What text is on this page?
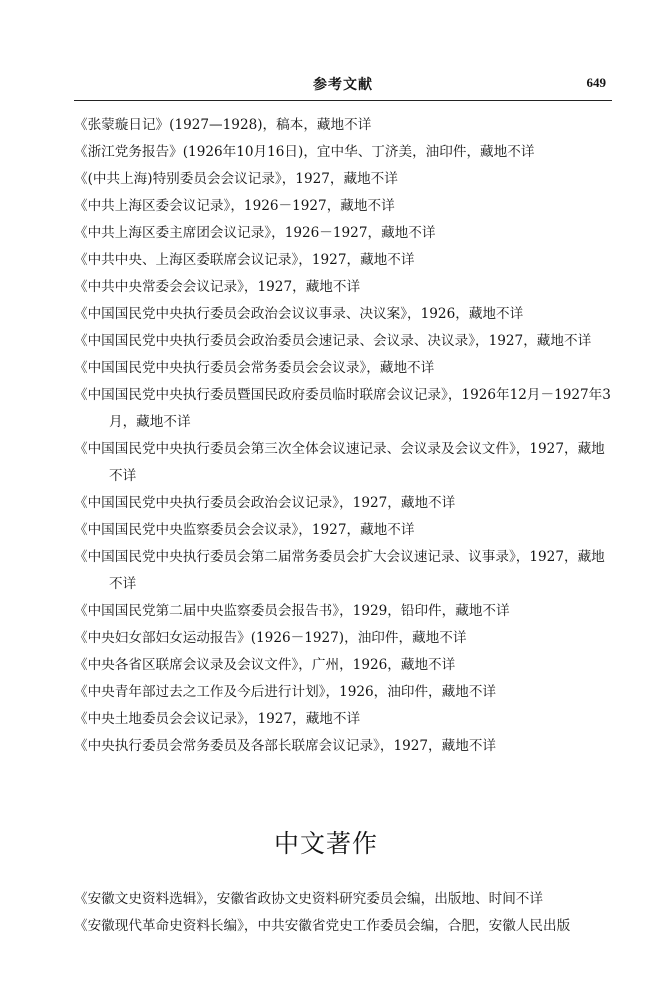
参考文献	649
《张蒙璇日记》(1927—1928)，稿本，藏地不详
《浙江党务报告》(1926年10月16日)，宜中华、丁济美，油印件，藏地不详
《(中共上海)特别委员会会议记录》，1927，藏地不详
《中共上海区委会议记录》，1926－1927，藏地不详
《中共上海区委主席团会议记录》，1926－1927，藏地不详
《中共中央、上海区委联席会议记录》，1927，藏地不详
《中共中央常委会会议记录》，1927，藏地不详
《中国国民党中央执行委员会政治会议议事录、决议案》，1926，藏地不详
《中国国民党中央执行委员会政治委员会速记录、会议录、决议录》，1927，藏地不详
《中国国民党中央执行委员会常务委员会会议录》，藏地不详
《中国国民党中央执行委员暨国民政府委员临时联席会议记录》，1926年12月－1927年3月，藏地不详
《中国国民党中央执行委员会第三次全体会议速记录、会议录及会议文件》，1927，藏地不详
《中国国民党中央执行委员会政治会议记录》，1927，藏地不详
《中国国民党中央监察委员会会议录》，1927，藏地不详
《中国国民党中央执行委员会第二届常务委员会扩大会议速记录、议事录》，1927，藏地不详
《中国国民党第二届中央监察委员会报告书》，1929，铅印件，藏地不详
《中央妇女部妇女运动报告》(1926－1927)，油印件，藏地不详
《中央各省区联席会议录及会议文件》，广州，1926，藏地不详
《中央青年部过去之工作及今后进行计划》，1926，油印件，藏地不详
《中央土地委员会会议记录》，1927，藏地不详
《中央执行委员会常务委员及各部长联席会议记录》，1927，藏地不详
中文著作
《安徽文史资料选辑》，安徽省政协文史资料研究委员会编，出版地、时间不详
《安徽现代革命史资料长编》，中共安徽省党史工作委员会编，合肥，安徽人民出版
